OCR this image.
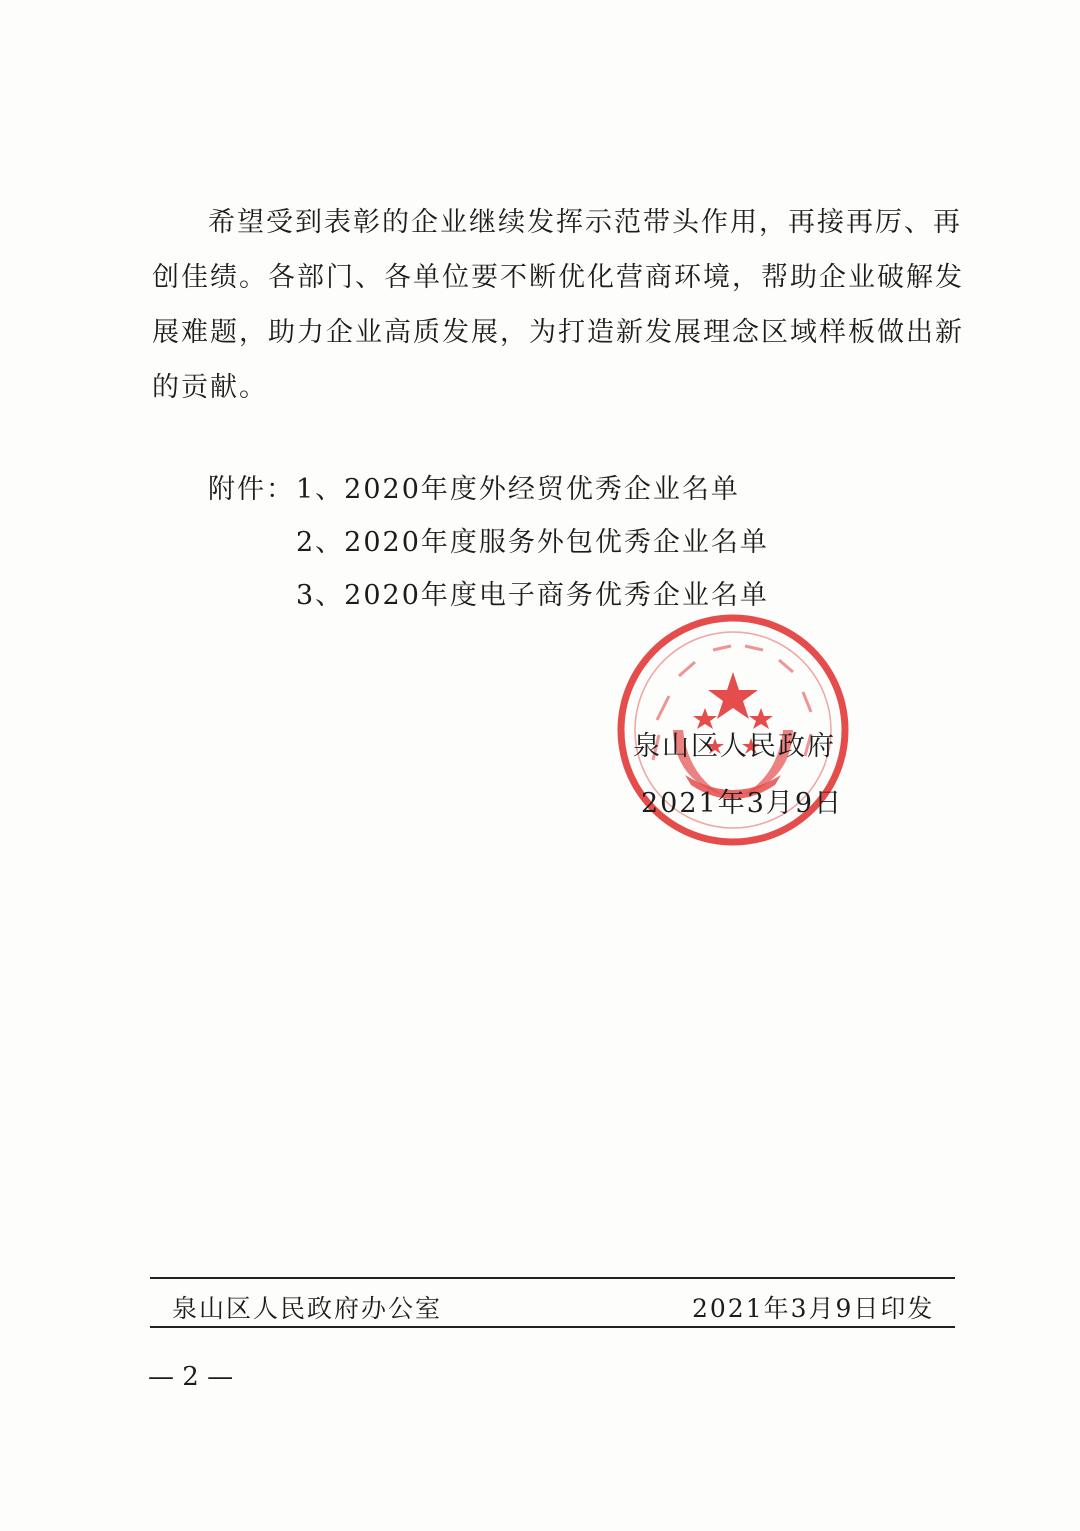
希望受到表彰的企业继续发挥示范带头作用，再接再厉、再
创佳绩。各部门、各单位要不断优化营商环境，帮助企业破解发
展难题，助力企业高质发展，为打造新发展理念区域样板做出新
的贡献。

附件： 1、2020年度外经贸优秀企业名单
2、2020年度服务外包优秀企业名单
3、2020年度电子商务优秀企业名单
泉山区人民政府
2021年3月9日
泉山区人民政府办公室	2021年3月9日印发
— 2 —
